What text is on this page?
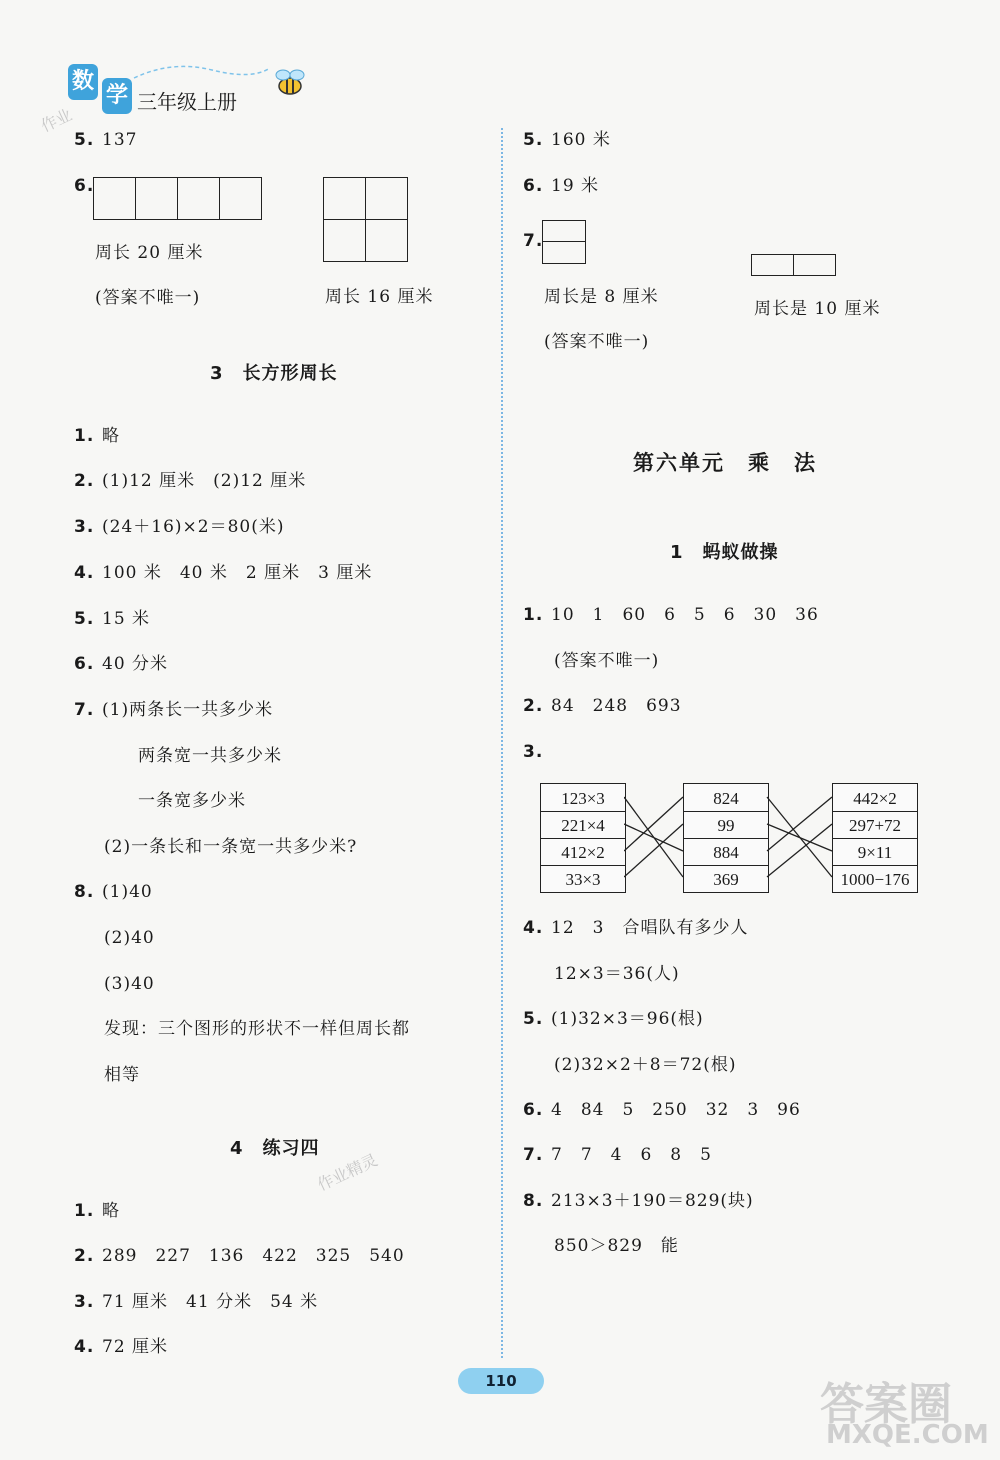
数
学 三年级上册
作业
5. 137
6.
周长 20 厘米
(答案不唯一)	周长 16 厘米
3　长方形周长
1. 略
2. (1)12 厘米　(2)12 厘米
3. (24＋16)×2＝80(米)
4. 100 米　40 米　2 厘米　3 厘米
5. 15 米
6. 40 分米
7. (1)两条长一共多少米
两条宽一共多少米
一条宽多少米
(2)一条长和一条宽一共多少米?
8. (1)40
(2)40
(3)40
发现：三个图形的形状不一样但周长都
相等
4　练习四
作业精灵
1. 略
2. 289　227　136　422　325　540
3. 71 厘米　41 分米　54 米
4. 72 厘米
5. 160 米
6. 19 米
7.
周长是 8 厘米
(答案不唯一)
周长是 10 厘米
第六单元　乘　法
1　蚂蚁做操
1. 10　1　60　6　5　6　30　36
(答案不唯一)
2. 84　248　693
3.
123×3
221×4
412×2
33×3
824
99
884
369
442×2
297+72
9×11
1000−176
4. 12　3　合唱队有多少人
12×3＝36(人)
5. (1)32×3＝96(根)
(2)32×2＋8＝72(根)
6. 4　84　5　250　32　3　96
7. 7　7　4　6　8　5
8. 213×3＋190＝829(块)
850＞829　能
110	答案圈
MXQE.COM
